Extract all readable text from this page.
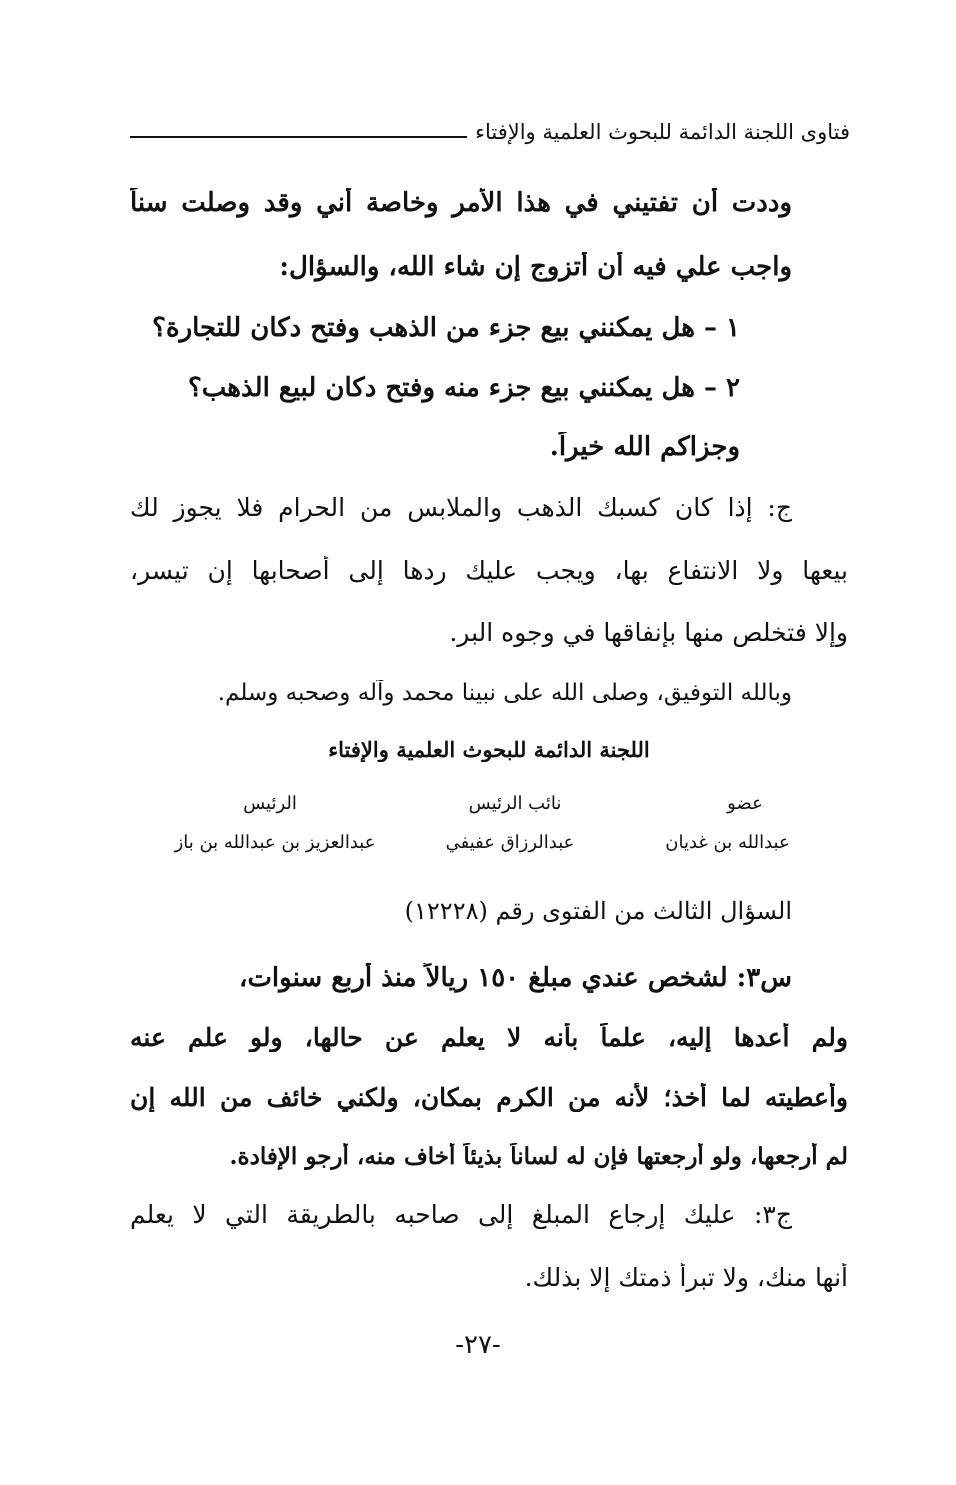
فتاوى اللجنة الدائمة للبحوث العلمية والإفتاء
وددت أن تفتيني في هذا الأمر وخاصة أني وقد وصلت سناً
واجب علي فيه أن أتزوج إن شاء الله، والسؤال:
١ – هل يمكنني بيع جزء من الذهب وفتح دكان للتجارة؟
٢ – هل يمكنني بيع جزء منه وفتح دكان لبيع الذهب؟
وجزاكم الله خيراً.
ج: إذا كان كسبك الذهب والملابس من الحرام فلا يجوز لك
بيعها ولا الانتفاع بها، ويجب عليك ردها إلى أصحابها إن تيسر،
وإلا فتخلص منها بإنفاقها في وجوه البر.
وبالله التوفيق، وصلى الله على نبينا محمد وآله وصحبه وسلم.
اللجنة الدائمة للبحوث العلمية والإفتاء
عضو
نائب الرئيس
الرئيس
عبدالله بن غديان
عبدالرزاق عفيفي
عبدالعزيز بن عبدالله بن باز
السؤال الثالث من الفتوى رقم (١٢٢٢٨)
س٣: لشخص عندي مبلغ ١٥٠ ريالاً منذ أربع سنوات،
ولم أعدها إليه، علماً بأنه لا يعلم عن حالها، ولو علم عنه
وأعطيته لما أخذ؛ لأنه من الكرم بمكان، ولكني خائف من الله إن
لم أرجعها، ولو أرجعتها فإن له لساناً بذيئاً أخاف منه، أرجو الإفادة.
ج٣: عليك إرجاع المبلغ إلى صاحبه بالطريقة التي لا يعلم
أنها منك، ولا تبرأ ذمتك إلا بذلك.
-٢٧-
